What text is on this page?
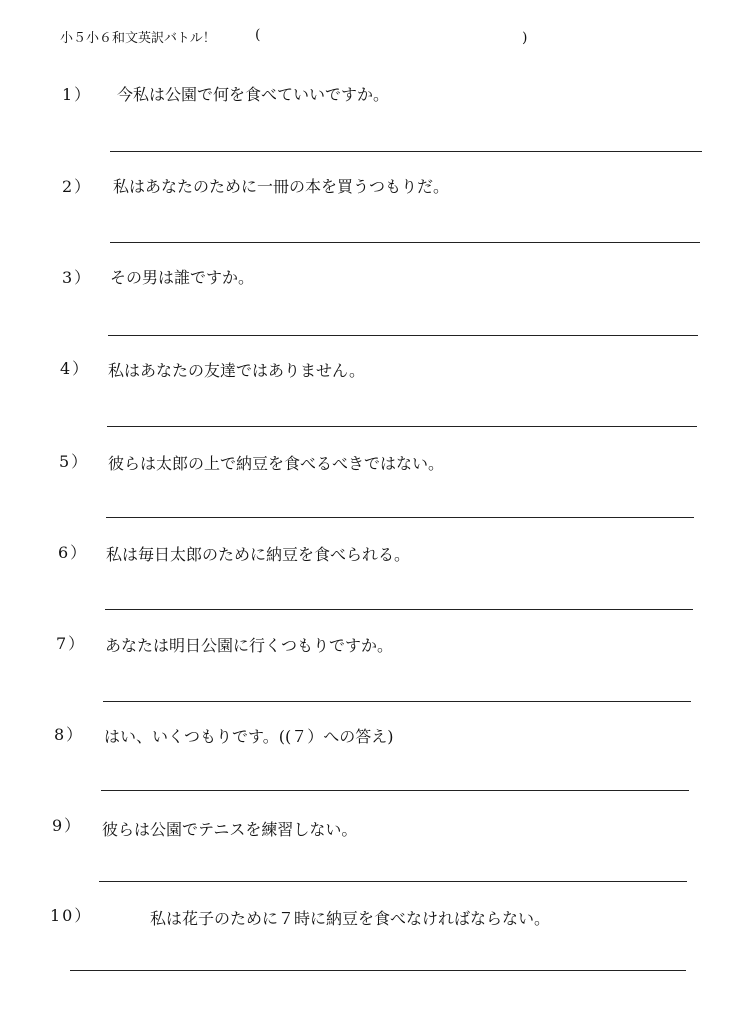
小５小６和文英訳バトル！	(	)
1） 今私は公園で何を食べていいですか。
2） 私はあなたのために一冊の本を買うつもりだ。
3） その男は誰ですか。
4） 私はあなたの友達ではありません。
5） 彼らは太郎の上で納豆を食べるべきではない。
6） 私は毎日太郎のために納豆を食べられる。
7） あなたは明日公園に行くつもりですか。
8） はい、いくつもりです。((７）への答え)
9） 彼らは公園でテニスを練習しない。
10）	私は花子のために７時に納豆を食べなければならない。
